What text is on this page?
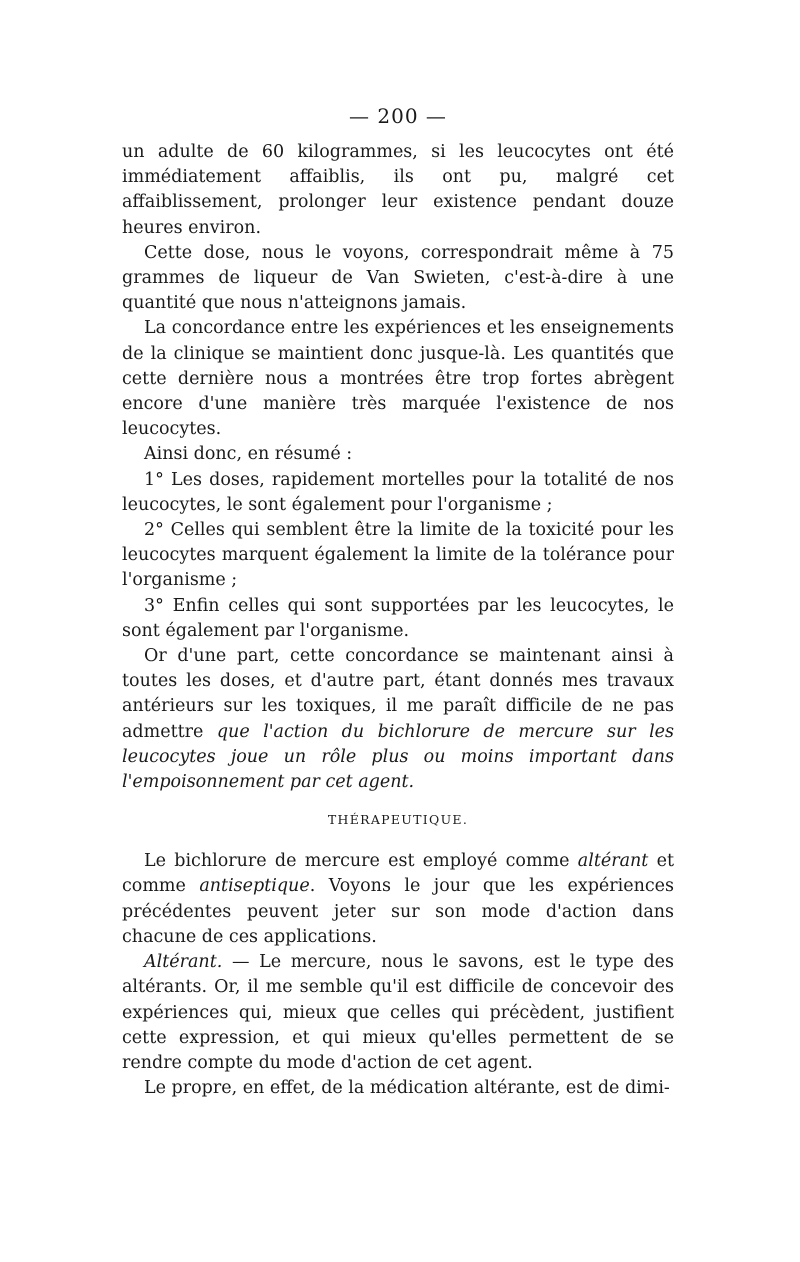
— 200 —

un adulte de 60 kilogrammes, si les leucocytes ont été immédiatement affaiblis, ils ont pu, malgré cet affaiblissement, prolonger leur existence pendant douze heures environ.

Cette dose, nous le voyons, correspondrait même à 75 grammes de liqueur de Van Swieten, c'est-à-dire à une quantité que nous n'atteignons jamais.

La concordance entre les expériences et les enseignements de la clinique se maintient donc jusque-là. Les quantités que cette dernière nous a montrées être trop fortes abrègent encore d'une manière très marquée l'existence de nos leucocytes.

Ainsi donc, en résumé :

1° Les doses, rapidement mortelles pour la totalité de nos leucocytes, le sont également pour l'organisme ;

2° Celles qui semblent être la limite de la toxicité pour les leucocytes marquent également la limite de la tolérance pour l'organisme ;

3° Enfin celles qui sont supportées par les leucocytes, le sont également par l'organisme.

Or d'une part, cette concordance se maintenant ainsi à toutes les doses, et d'autre part, étant donnés mes travaux antérieurs sur les toxiques, il me paraît difficile de ne pas admettre que l'action du bichlorure de mercure sur les leucocytes joue un rôle plus ou moins important dans l'empoisonnement par cet agent.

THÉRAPEUTIQUE.

Le bichlorure de mercure est employé comme altérant et comme antiseptique. Voyons le jour que les expériences précédentes peuvent jeter sur son mode d'action dans chacune de ces applications.

Altérant. — Le mercure, nous le savons, est le type des altérants. Or, il me semble qu'il est difficile de concevoir des expériences qui, mieux que celles qui précèdent, justifient cette expression, et qui mieux qu'elles permettent de se rendre compte du mode d'action de cet agent.

Le propre, en effet, de la médication altérante, est de dimi-
